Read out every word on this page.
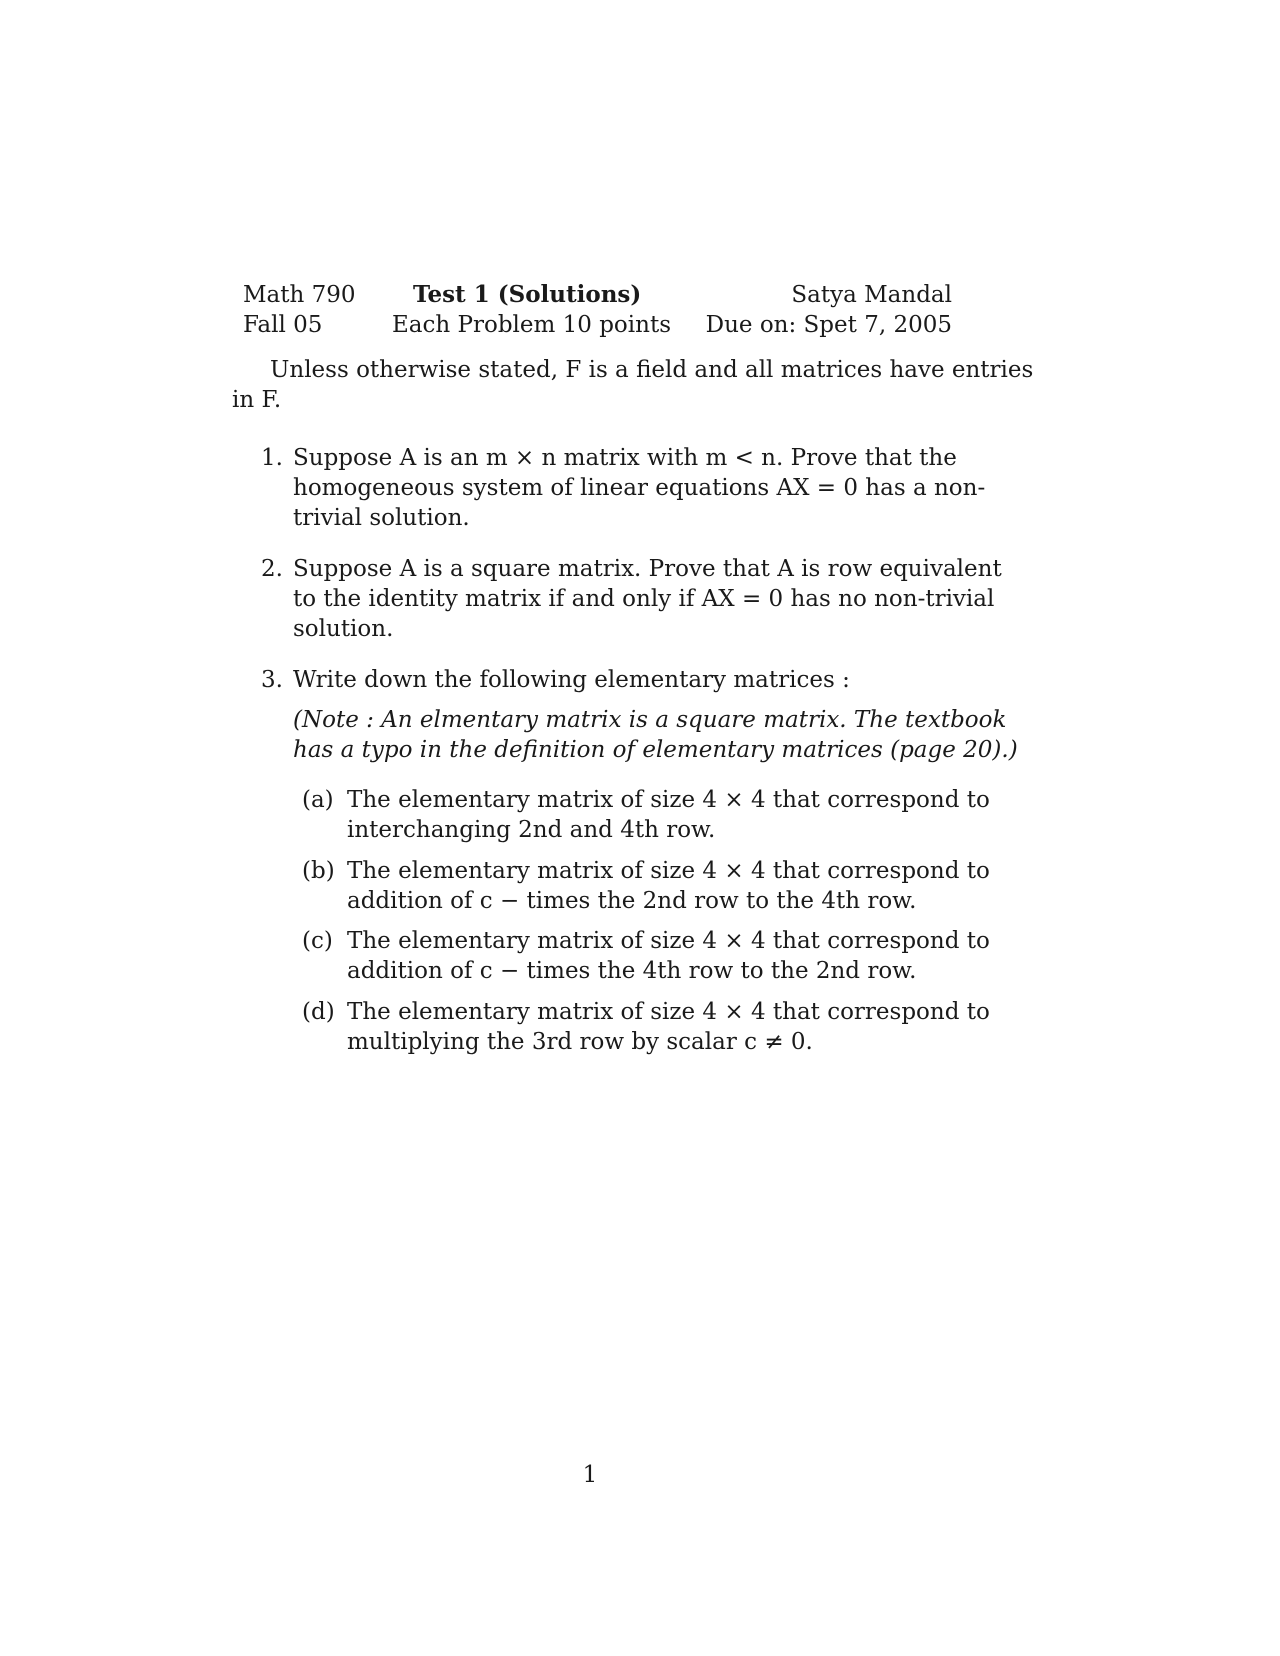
Math 790
Fall 05
Test 1 (Solutions)
Each Problem 10 points
Satya Mandal
Due on: Spet 7, 2005
Unless otherwise stated, F is a field and all matrices have entries
in F.
1. Suppose A is an m × n matrix with m < n. Prove that the
homogeneous system of linear equations AX = 0 has a non-
trivial solution.
2. Suppose A is a square matrix. Prove that A is row equivalent
to the identity matrix if and only if AX = 0 has no non-trivial
solution.
3. Write down the following elementary matrices :
(Note : An elmentary matrix is a square matrix. The textbook
has a typo in the definition of elementary matrices (page 20).)
(a) The elementary matrix of size 4 × 4 that correspond to
interchanging 2nd and 4th row.
(b) The elementary matrix of size 4 × 4 that correspond to
addition of c − times the 2nd row to the 4th row.
(c) The elementary matrix of size 4 × 4 that correspond to
addition of c − times the 4th row to the 2nd row.
(d) The elementary matrix of size 4 × 4 that correspond to
multiplying the 3rd row by scalar c ≠ 0.
1
